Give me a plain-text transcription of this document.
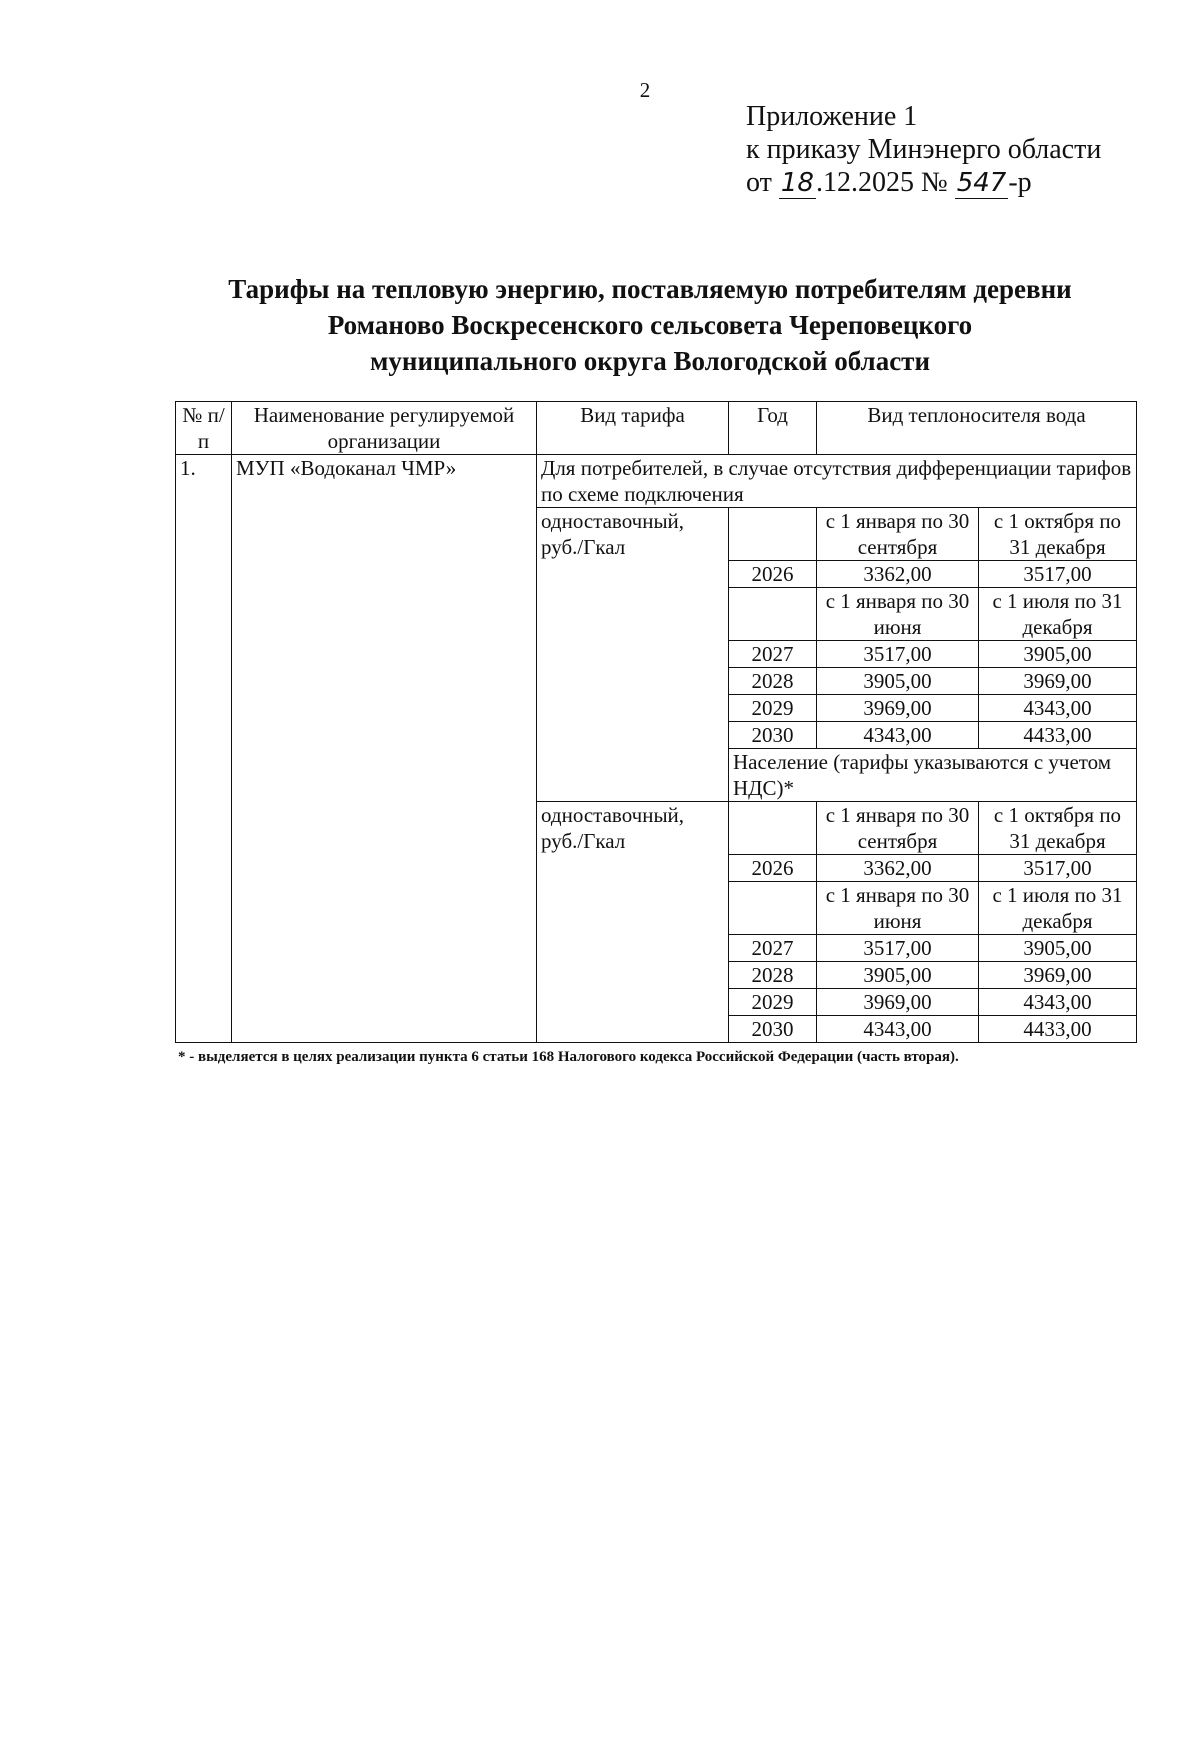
2
Приложение 1
к приказу Минэнерго области
от 18.12.2025 № 547-р
Тарифы на тепловую энергию, поставляемую потребителям деревни
Романово Воскресенского сельсовета Череповецкого
муниципального округа Вологодской области
№ п/п	Наименование регулируемой организации	Вид тарифа	Год	Вид теплоносителя вода	
1.	МУП «Водоканал ЧМР»	Для потребителей, в случае отсутствия дифференциации тарифов по схеме подключения			
		одноставочный, руб./Гкал		с 1 января по 30 сентября	с 1 октября по 31 декабря
			2026	3362,00	3517,00
				с 1 января по 30 июня	с 1 июля по 31 декабря
			2027	3517,00	3905,00
			2028	3905,00	3969,00
			2029	3969,00	4343,00
			2030	4343,00	4433,00
			Население (тарифы указываются с учетом НДС)*		
		одноставочный, руб./Гкал		с 1 января по 30 сентября	с 1 октября по 31 декабря
			2026	3362,00	3517,00
				с 1 января по 30 июня	с 1 июля по 31 декабря
			2027	3517,00	3905,00
			2028	3905,00	3969,00
			2029	3969,00	4343,00
			2030	4343,00	4433,00
* - выделяется в целях реализации пункта 6 статьи 168 Налогового кодекса Российской Федерации (часть вторая).
